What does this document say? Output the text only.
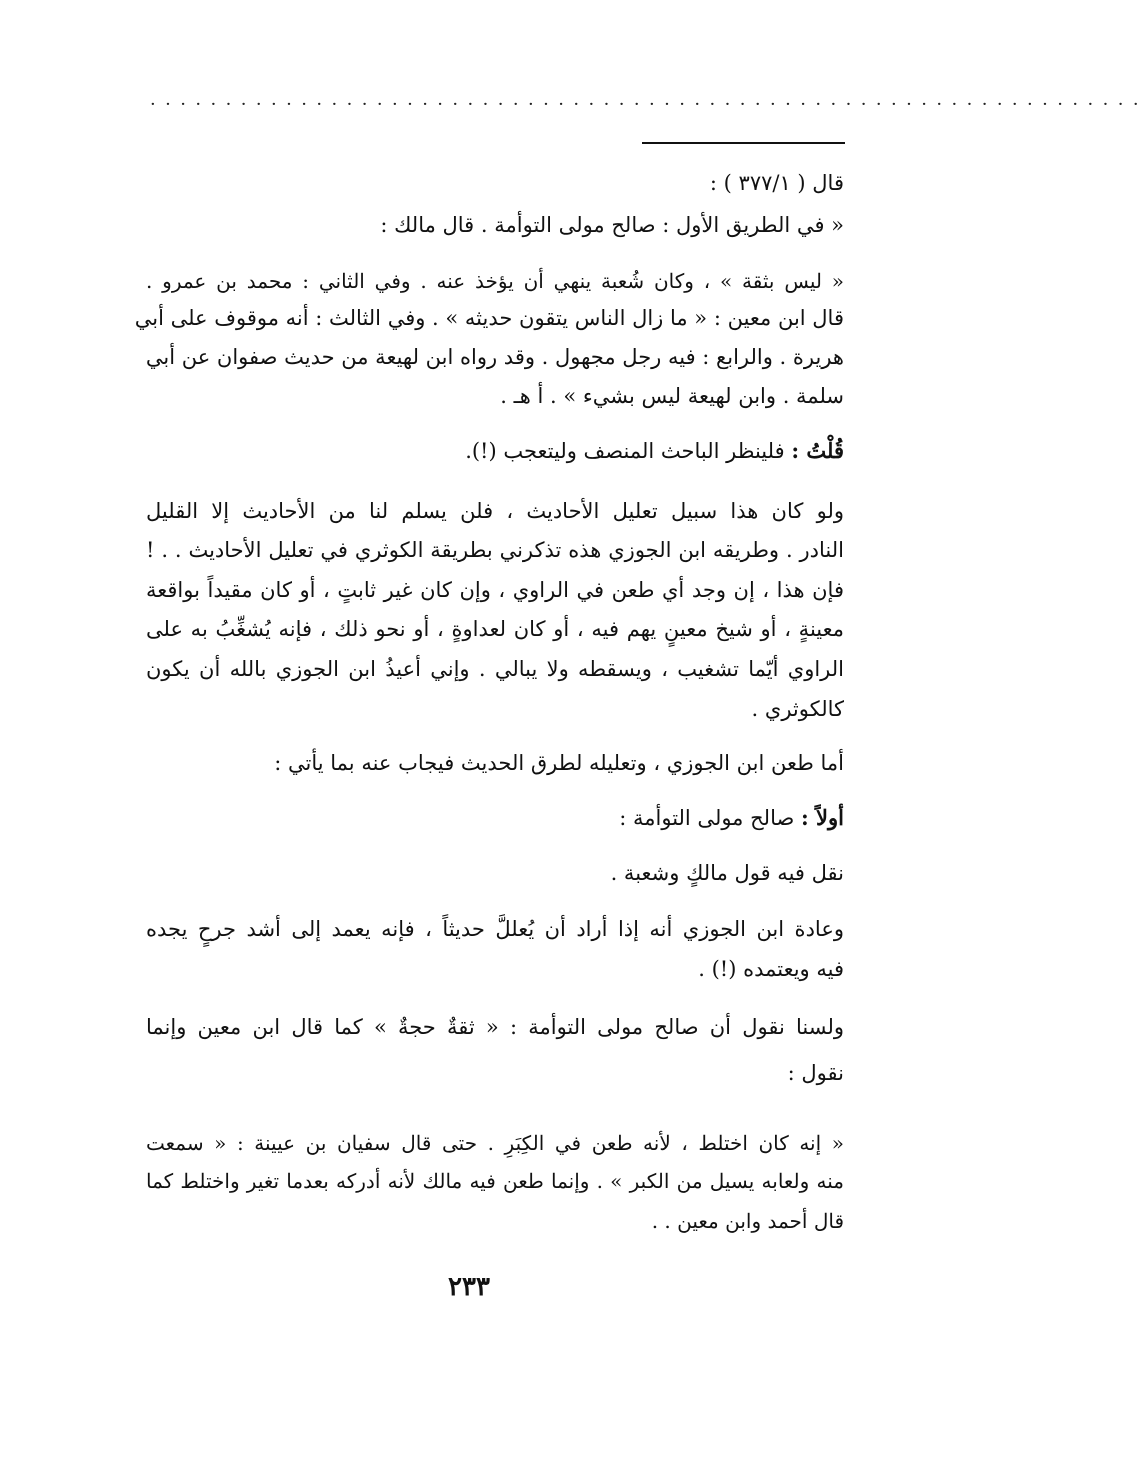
··································································
قال ( ٣٧٧/١ ) :
« في الطريق الأول : صالح مولى التوأمة . قال مالك :
« ليس بثقة » ، وكان شُعبة ينهي أن يؤخذ عنه . وفي الثاني : محمد بن عمرو .
قال ابن معين : « ما زال الناس يتقون حديثه » . وفي الثالث : أنه موقوف على أبي
هريرة . والرابع : فيه رجل مجهول . وقد رواه ابن لهيعة من حديث صفوان عن أبي
سلمة . وابن لهيعة ليس بشيء » . أ هـ .
قُلْتُ : فلينظر الباحث المنصف وليتعجب (!).
ولو كان هذا سبيل تعليل الأحاديث ، فلن يسلم لنا من الأحاديث إلا القليل
النادر . وطريقه ابن الجوزي هذه تذكرني بطريقة الكوثري في تعليل الأحاديث . . !
فإن هذا ، إن وجد أي طعن في الراوي ، وإن كان غير ثابتٍ ، أو كان مقيداً بواقعة
معينةٍ ، أو شيخ معينٍ يهم فيه ، أو كان لعداوةٍ ، أو نحو ذلك ، فإنه يُشغِّبُ به على
الراوي أيّما تشغيب ، ويسقطه ولا يبالي . وإني أعيذُ ابن الجوزي بالله أن يكون
كالكوثري .
أما طعن ابن الجوزي ، وتعليله لطرق الحديث فيجاب عنه بما يأتي :
أولاً : صالح مولى التوأمة :
نقل فيه قول مالكٍ وشعبة .
وعادة ابن الجوزي أنه إذا أراد أن يُعللَّ حديثاً ، فإنه يعمد إلى أشد جرحٍ يجده
فيه ويعتمده (!) .
ولسنا نقول أن صالح مولى التوأمة : « ثقةٌ حجةٌ » كما قال ابن معين وإنما
نقول :
« إنه كان اختلط ، لأنه طعن في الكِبَرِ . حتى قال سفيان بن عيينة : « سمعت
منه ولعابه يسيل من الكبر » . وإنما طعن فيه مالك لأنه أدركه بعدما تغير واختلط كما
قال أحمد وابن معين . .
٢٣٣
